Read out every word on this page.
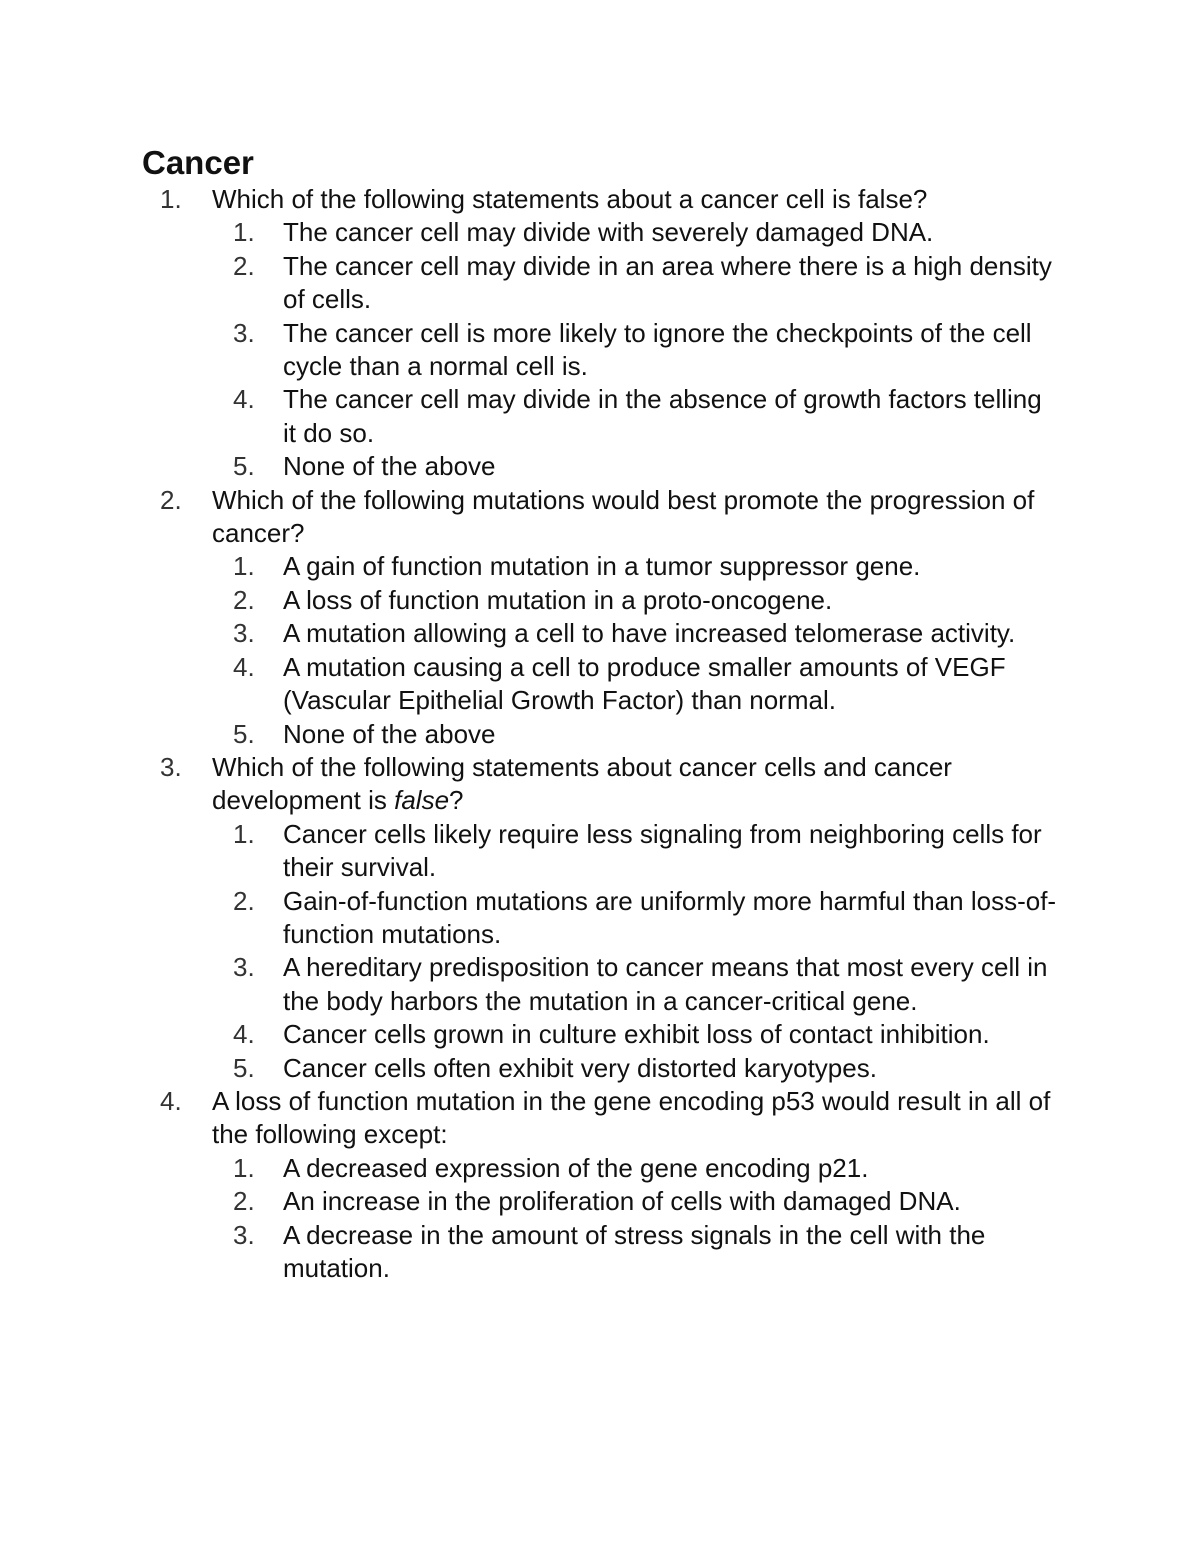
Cancer
1. Which of the following statements about a cancer cell is false?
1. The cancer cell may divide with severely damaged DNA.
2. The cancer cell may divide in an area where there is a high density of cells.
3. The cancer cell is more likely to ignore the checkpoints of the cell cycle than a normal cell is.
4. The cancer cell may divide in the absence of growth factors telling it do so.
5. None of the above
2. Which of the following mutations would best promote the progression of cancer?
1. A gain of function mutation in a tumor suppressor gene.
2. A loss of function mutation in a proto-oncogene.
3. A mutation allowing a cell to have increased telomerase activity.
4. A mutation causing a cell to produce smaller amounts of VEGF (Vascular Epithelial Growth Factor) than normal.
5. None of the above
3. Which of the following statements about cancer cells and cancer development is false?
1. Cancer cells likely require less signaling from neighboring cells for their survival.
2. Gain-of-function mutations are uniformly more harmful than loss-of-function mutations.
3. A hereditary predisposition to cancer means that most every cell in the body harbors the mutation in a cancer-critical gene.
4. Cancer cells grown in culture exhibit loss of contact inhibition.
5. Cancer cells often exhibit very distorted karyotypes.
4. A loss of function mutation in the gene encoding p53 would result in all of the following except:
1. A decreased expression of the gene encoding p21.
2. An increase in the proliferation of cells with damaged DNA.
3. A decrease in the amount of stress signals in the cell with the mutation.
